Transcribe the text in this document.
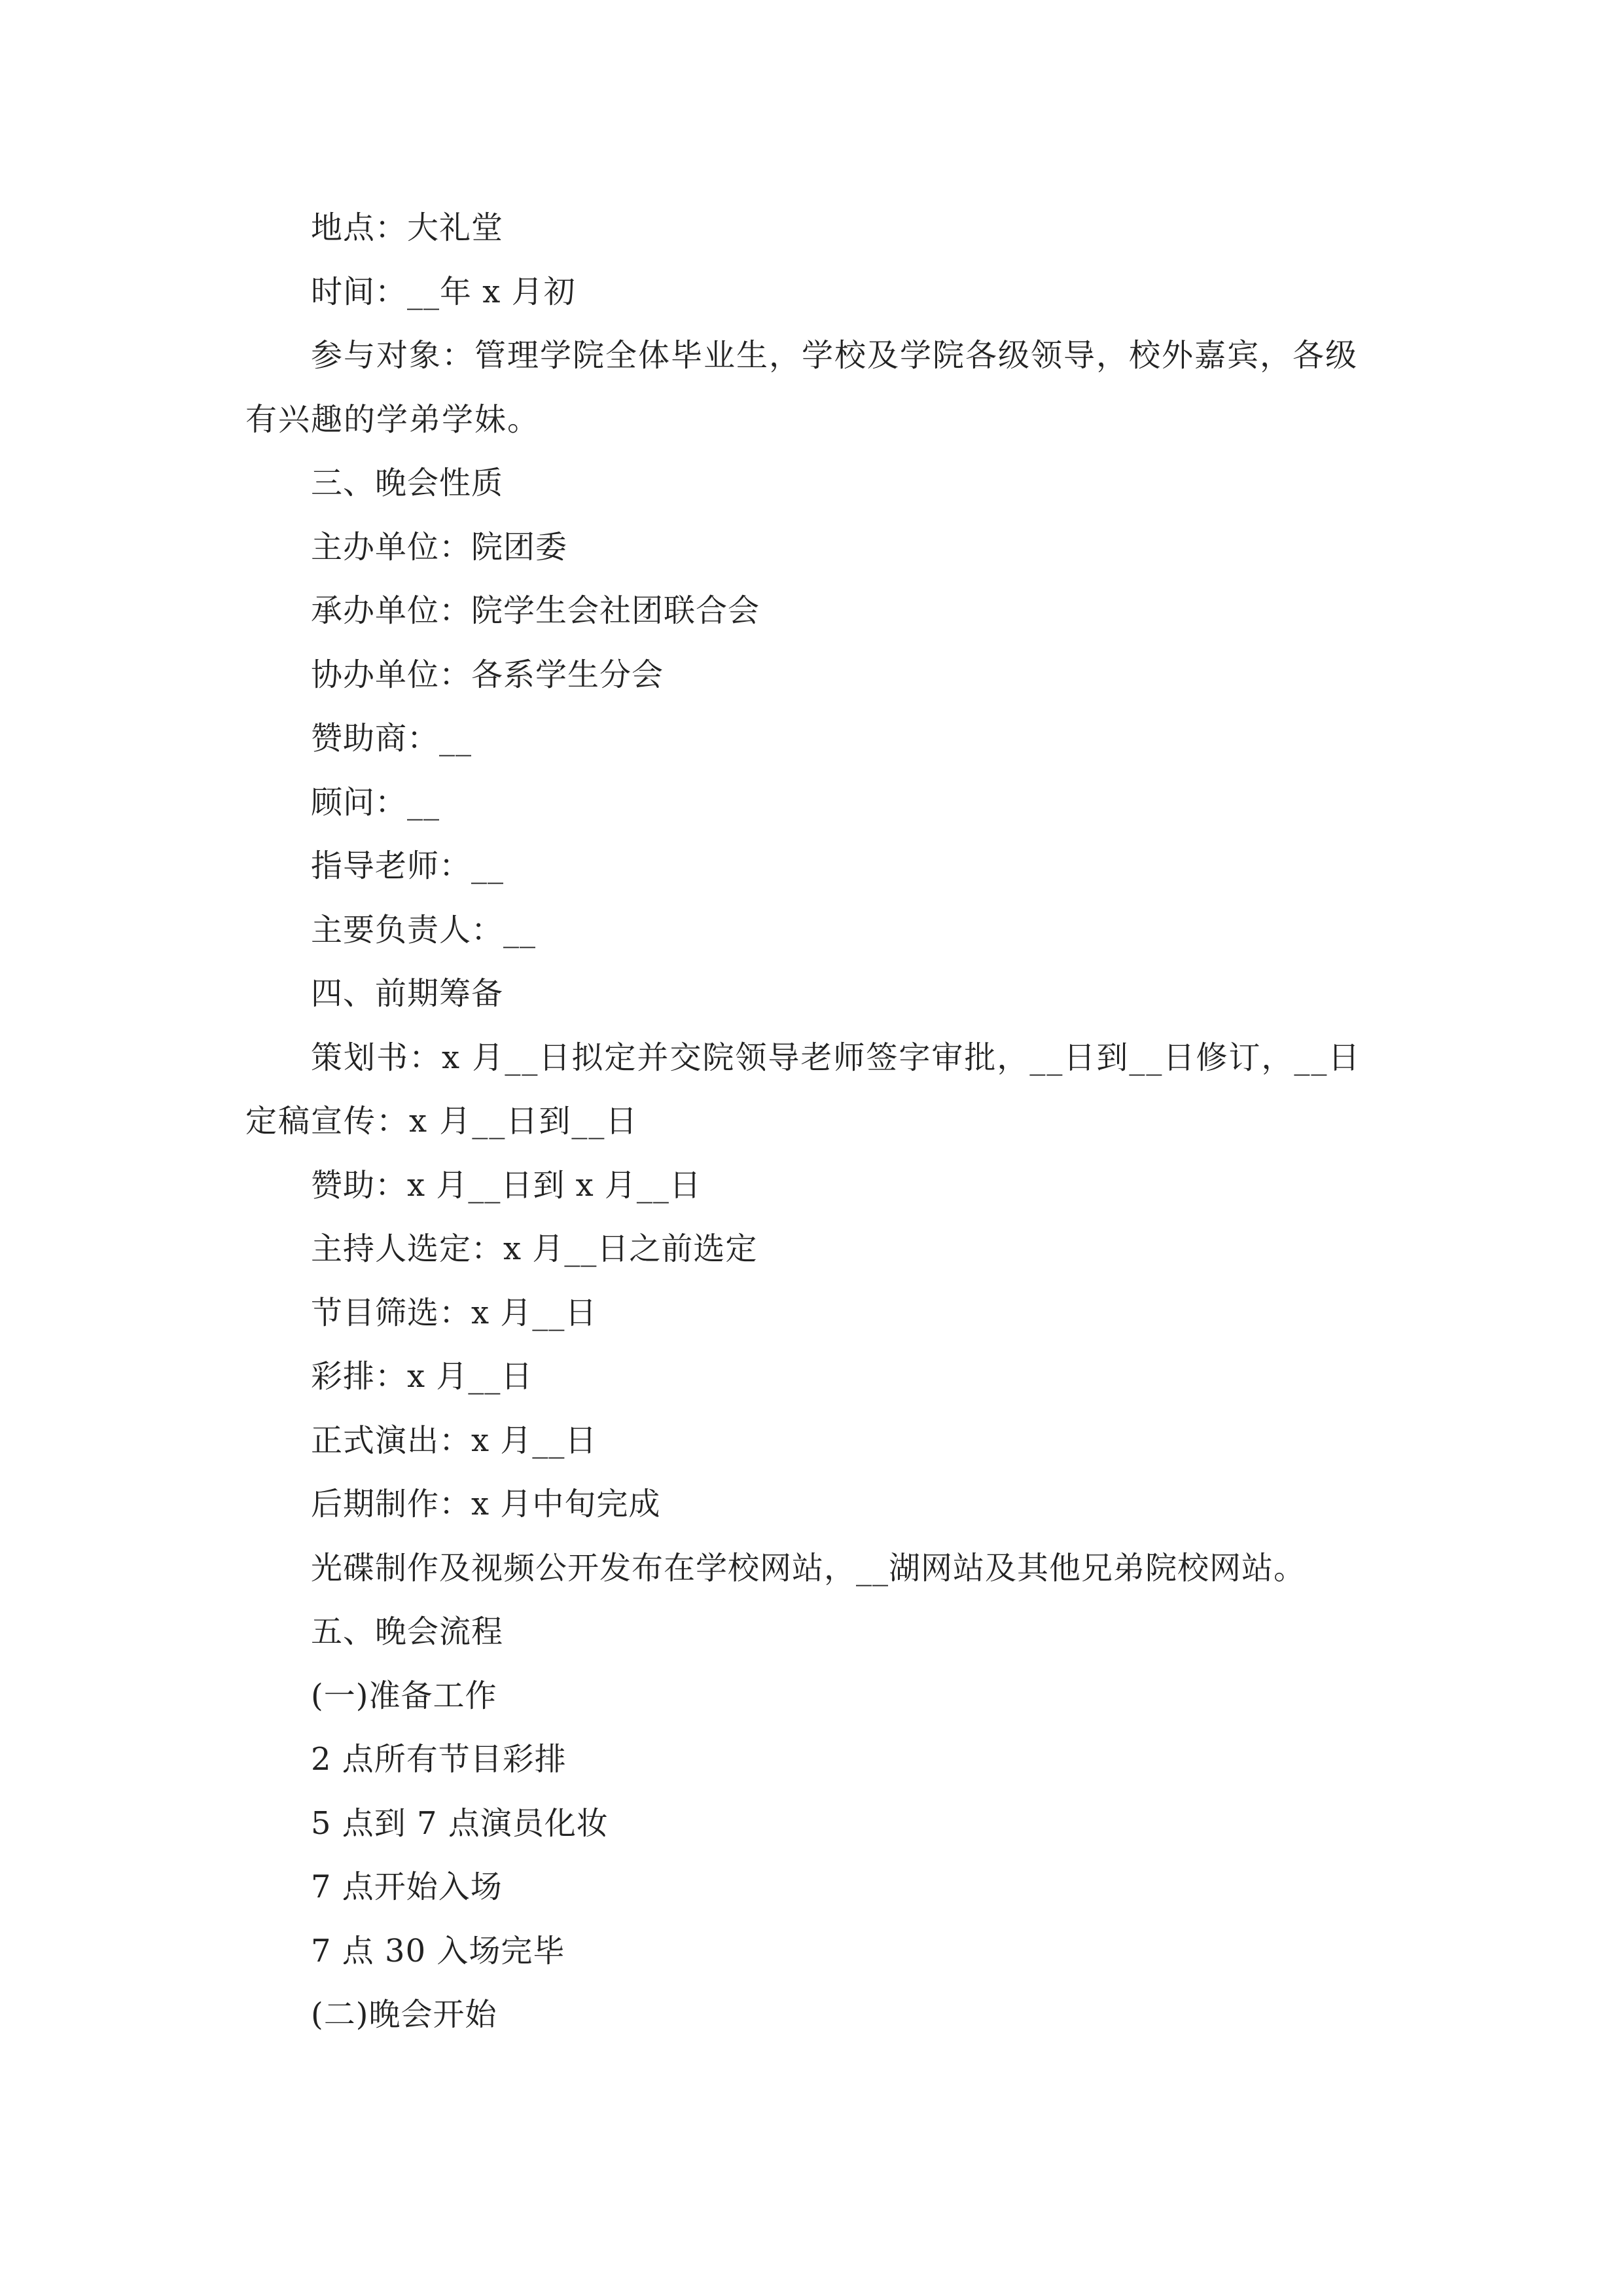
地点：大礼堂

时间：__年 x 月初

参与对象：管理学院全体毕业生，学校及学院各级领导，校外嘉宾，各级有兴趣的学弟学妹。

三、晚会性质

主办单位：院团委

承办单位：院学生会社团联合会

协办单位：各系学生分会

赞助商：__

顾问：__

指导老师：__

主要负责人：__

四、前期筹备

策划书：x 月__日拟定并交院领导老师签字审批，__日到__日修订，__日定稿宣传：x 月__日到__日

赞助：x 月__日到 x 月__日

主持人选定：x 月__日之前选定

节目筛选：x 月__日

彩排：x 月__日

正式演出：x 月__日

后期制作：x 月中旬完成

光碟制作及视频公开发布在学校网站，__湖网站及其他兄弟院校网站。

五、晚会流程

(一)准备工作

2 点所有节目彩排

5 点到 7 点演员化妆

7 点开始入场

7 点 30 入场完毕

(二)晚会开始
